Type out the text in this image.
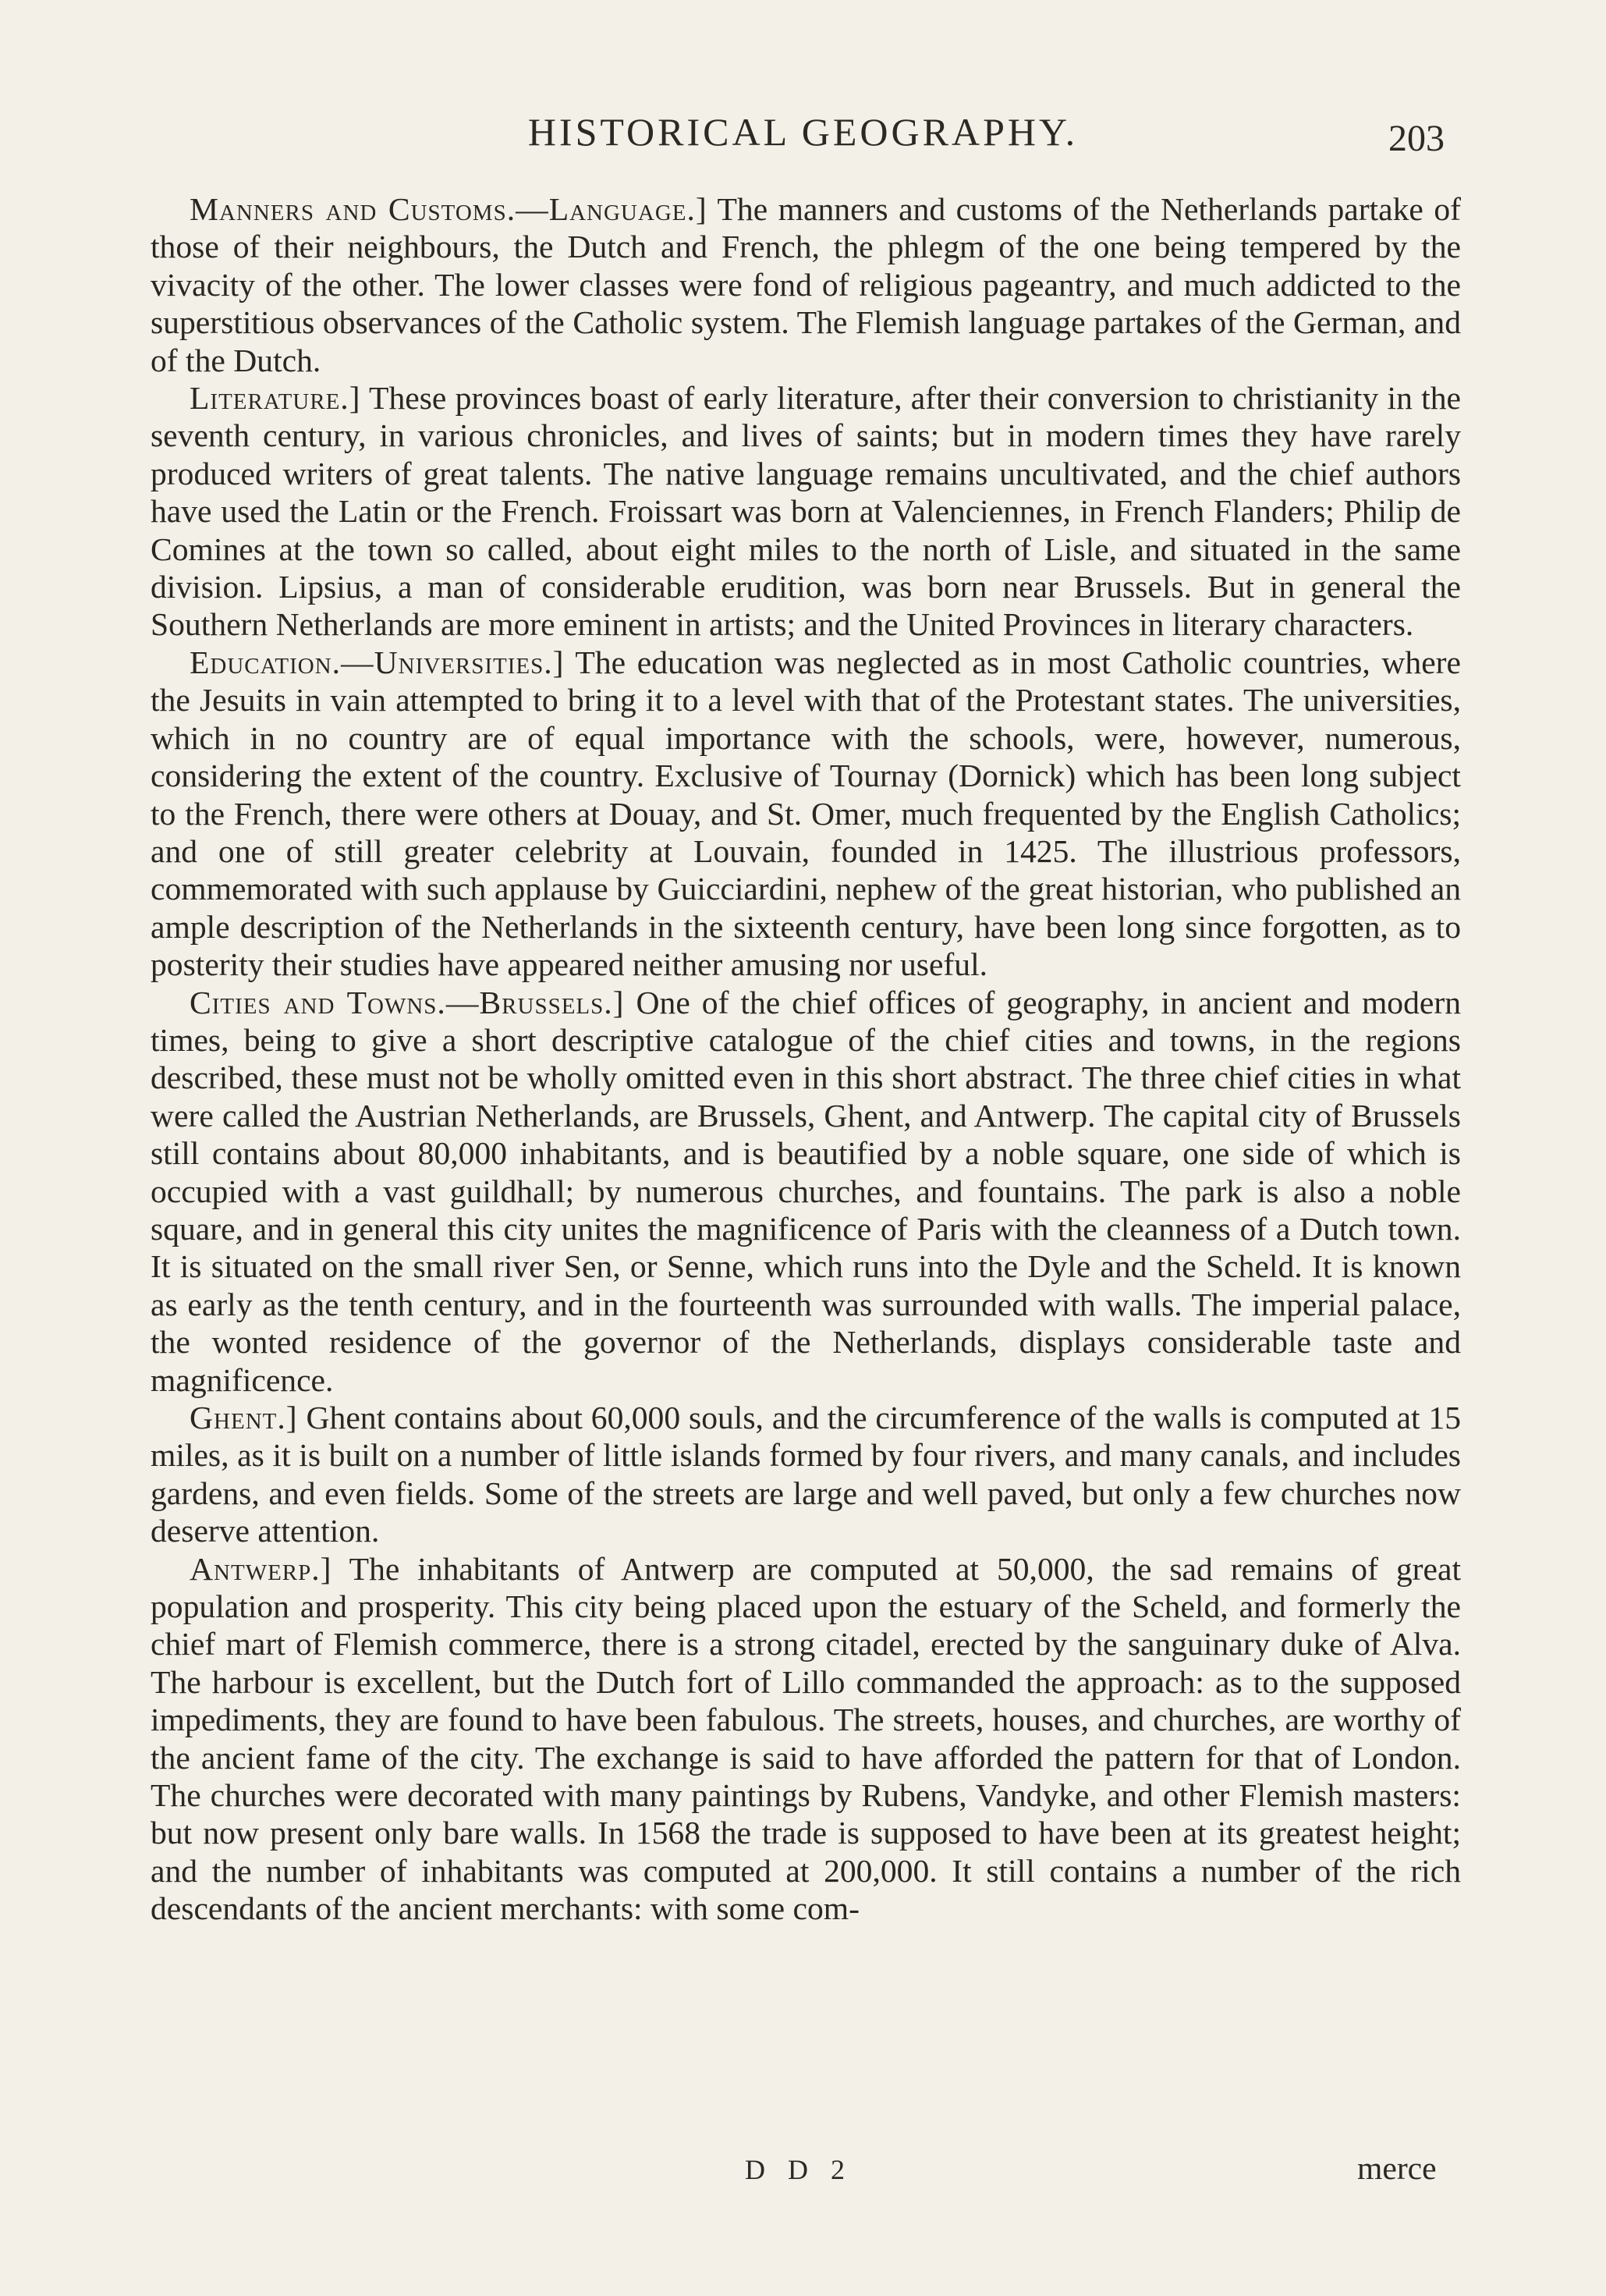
HISTORICAL GEOGRAPHY.	203

Manners and Customs.—Language.] The manners and customs of the Netherlands partake of those of their neighbours, the Dutch and French, the phlegm of the one being tempered by the vivacity of the other. The lower classes were fond of religious pageantry, and much addicted to the superstitious observances of the Catholic system. The Flemish language partakes of the German, and of the Dutch.

Literature.] These provinces boast of early literature, after their conversion to christianity in the seventh century, in various chronicles, and lives of saints; but in modern times they have rarely produced writers of great talents. The native language remains uncultivated, and the chief authors have used the Latin or the French. Froissart was born at Valenciennes, in French Flanders; Philip de Comines at the town so called, about eight miles to the north of Lisle, and situated in the same division. Lipsius, a man of considerable erudition, was born near Brussels. But in general the Southern Netherlands are more eminent in artists; and the United Provinces in literary characters.

Education.—Universities.] The education was neglected as in most Catholic countries, where the Jesuits in vain attempted to bring it to a level with that of the Protestant states. The universities, which in no country are of equal importance with the schools, were, however, numerous, considering the extent of the country. Exclusive of Tournay (Dornick) which has been long subject to the French, there were others at Douay, and St. Omer, much frequented by the English Catholics; and one of still greater celebrity at Louvain, founded in 1425. The illustrious professors, commemorated with such applause by Guicciardini, nephew of the great historian, who published an ample description of the Netherlands in the sixteenth century, have been long since forgotten, as to posterity their studies have appeared neither amusing nor useful.

Cities and Towns.—Brussels.] One of the chief offices of geography, in ancient and modern times, being to give a short descriptive catalogue of the chief cities and towns, in the regions described, these must not be wholly omitted even in this short abstract. The three chief cities in what were called the Austrian Netherlands, are Brussels, Ghent, and Antwerp. The capital city of Brussels still contains about 80,000 inhabitants, and is beautified by a noble square, one side of which is occupied with a vast guildhall; by numerous churches, and fountains. The park is also a noble square, and in general this city unites the magnificence of Paris with the cleanness of a Dutch town. It is situated on the small river Sen, or Senne, which runs into the Dyle and the Scheld. It is known as early as the tenth century, and in the fourteenth was surrounded with walls. The imperial palace, the wonted residence of the governor of the Netherlands, displays considerable taste and magnificence.

Ghent.] Ghent contains about 60,000 souls, and the circumference of the walls is computed at 15 miles, as it is built on a number of little islands formed by four rivers, and many canals, and includes gardens, and even fields. Some of the streets are large and well paved, but only a few churches now deserve attention.

Antwerp.] The inhabitants of Antwerp are computed at 50,000, the sad remains of great population and prosperity. This city being placed upon the estuary of the Scheld, and formerly the chief mart of Flemish commerce, there is a strong citadel, erected by the sanguinary duke of Alva. The harbour is excellent, but the Dutch fort of Lillo commanded the approach: as to the supposed impediments, they are found to have been fabulous. The streets, houses, and churches, are worthy of the ancient fame of the city. The exchange is said to have afforded the pattern for that of London. The churches were decorated with many paintings by Rubens, Vandyke, and other Flemish masters: but now present only bare walls. In 1568 the trade is supposed to have been at its greatest height; and the number of inhabitants was computed at 200,000. It still contains a number of the rich descendants of the ancient merchants: with some com-

D D 2	merce
